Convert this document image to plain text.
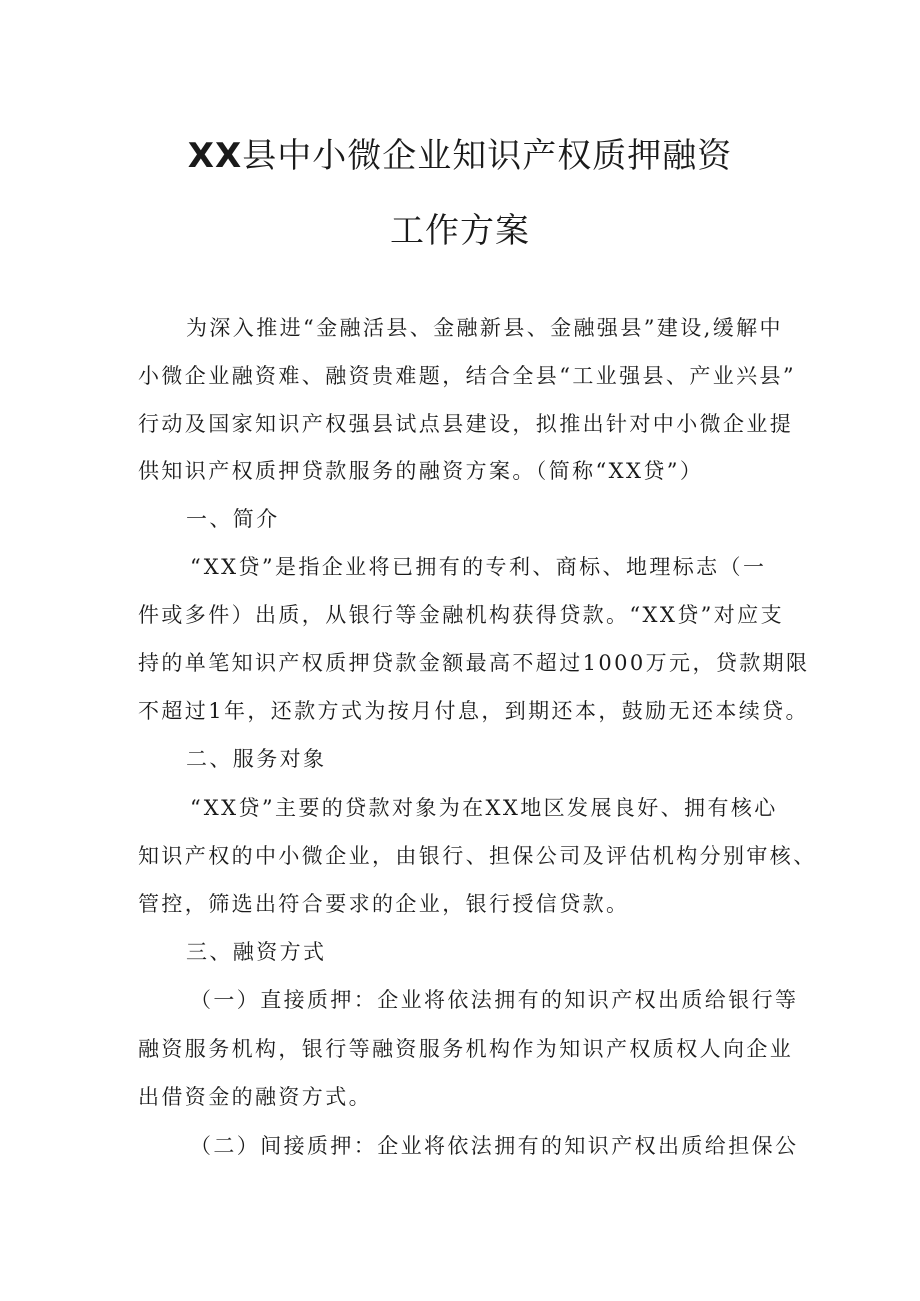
XX县中小微企业知识产权质押融资
工作方案
为深入推进“金融活县、金融新县、金融强县”建设,缓解中
小微企业融资难、融资贵难题，结合全县“工业强县、产业兴县”
行动及国家知识产权强县试点县建设，拟推出针对中小微企业提
供知识产权质押贷款服务的融资方案。（简称“XX贷”）
一、简介
“XX贷”是指企业将已拥有的专利、商标、地理标志（一
件或多件）出质，从银行等金融机构获得贷款。“XX贷”对应支
持的单笔知识产权质押贷款金额最高不超过1000万元，贷款期限
不超过1年，还款方式为按月付息，到期还本，鼓励无还本续贷。
二、服务对象
“XX贷”主要的贷款对象为在XX地区发展良好、拥有核心
知识产权的中小微企业，由银行、担保公司及评估机构分别审核、
管控，筛选出符合要求的企业，银行授信贷款。
三、融资方式
（一）直接质押：企业将依法拥有的知识产权出质给银行等
融资服务机构，银行等融资服务机构作为知识产权质权人向企业
出借资金的融资方式。
（二）间接质押：企业将依法拥有的知识产权出质给担保公
